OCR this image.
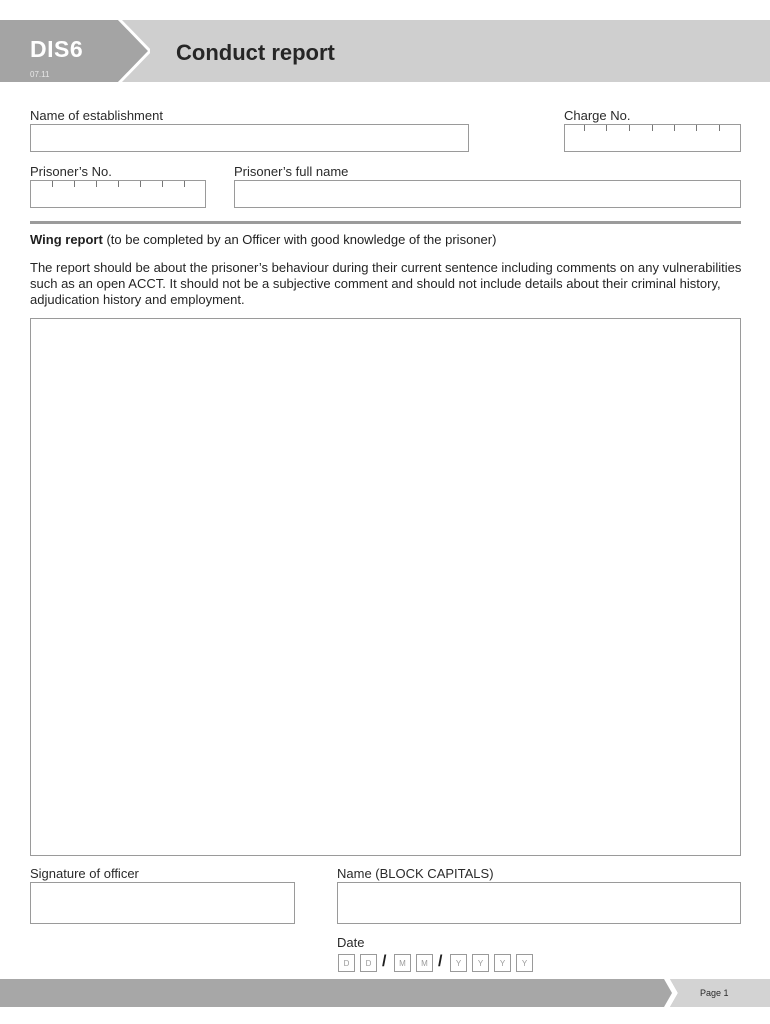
DIS6
07.11
Conduct report
Name of establishment	Charge No.
Prisoner’s No.	Prisoner’s full name
Wing report (to be completed by an Officer with good knowledge of the prisoner)
The report should be about the prisoner’s behaviour during their current sentence including comments on any vulnerabilities such as an open ACCT. It should not be a subjective comment and should not include details about their criminal history, adjudication history and employment.
Signature of officer	Name (BLOCK CAPITALS)
Date
D	D /	M	M /	Y	Y	Y	Y
Page 1
